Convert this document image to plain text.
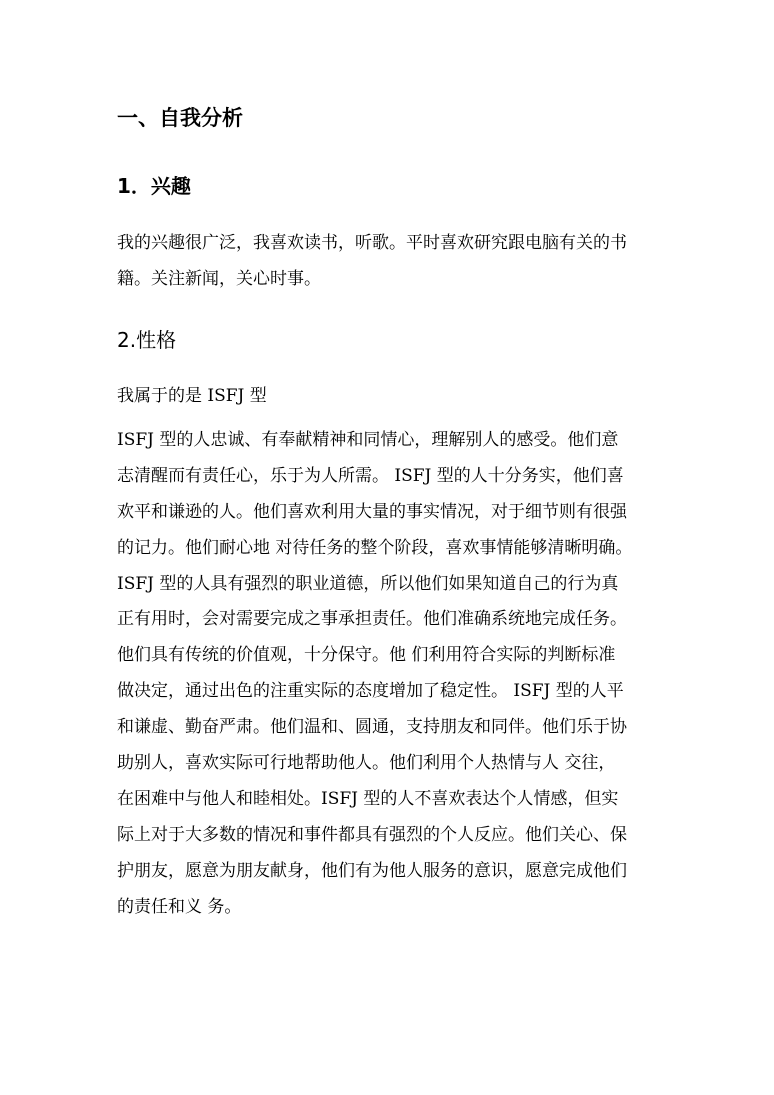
一、自我分析
1．兴趣
我的兴趣很广泛，我喜欢读书，听歌。平时喜欢研究跟电脑有关的书
籍。关注新闻，关心时事。
2.性格
我属于的是 ISFJ 型
ISFJ 型的人忠诚、有奉献精神和同情心，理解别人的感受。他们意
志清醒而有责任心，乐于为人所需。 ISFJ 型的人十分务实，他们喜
欢平和谦逊的人。他们喜欢利用大量的事实情况，对于细节则有很强
的记力。他们耐心地 对待任务的整个阶段，喜欢事情能够清晰明确。
ISFJ 型的人具有强烈的职业道德，所以他们如果知道自己的行为真
正有用时，会对需要完成之事承担责任。他们准确系统地完成任务。
他们具有传统的价值观，十分保守。他 们利用符合实际的判断标准
做决定，通过出色的注重实际的态度增加了稳定性。 ISFJ 型的人平
和谦虚、勤奋严肃。他们温和、圆通，支持朋友和同伴。他们乐于协
助别人，喜欢实际可行地帮助他人。他们利用个人热情与人 交往，
在困难中与他人和睦相处。ISFJ 型的人不喜欢表达个人情感，但实
际上对于大多数的情况和事件都具有强烈的个人反应。他们关心、保
护朋友，愿意为朋友献身，他们有为他人服务的意识，愿意完成他们
的责任和义 务。
